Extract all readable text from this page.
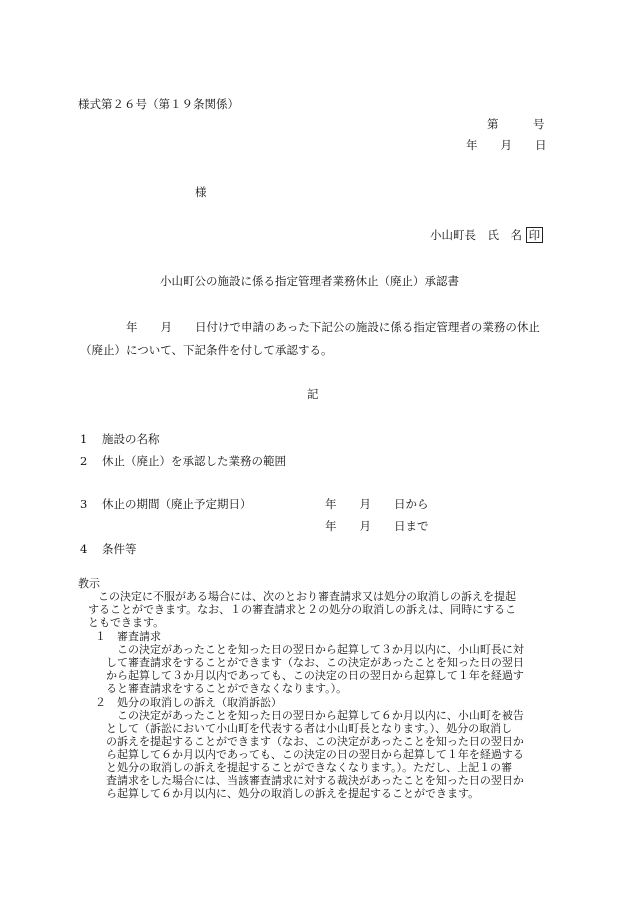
様式第２６号（第１９条関係）
第　　　号
年　　月　　日
様
小山町長　氏　名 印
小山町公の施設に係る指定管理者業務休止（廃止）承認書
年　　月　　日付けで申請のあった下記公の施設に係る指定管理者の業務の休止
（廃止）について、下記条件を付して承認する。
記
1 施設の名称
2 休止（廃止）を承認した業務の範囲
3 休止の期間（廃止予定期日）	年　　月　　日から
年　　月　　日まで
4 条件等
教示
この決定に不服がある場合には、次のとおり審査請求又は処分の取消しの訴えを提起
することができます。なお、１の審査請求と２の処分の取消しの訴えは、同時にするこ
ともできます。
１　審査請求
この決定があったことを知った日の翌日から起算して３か月以内に、小山町長に対
して審査請求をすることができます（なお、この決定があったことを知った日の翌日
から起算して３か月以内であっても、この決定の日の翌日から起算して１年を経過す
ると審査請求をすることができなくなります。）。
２　処分の取消しの訴え（取消訴訟）
この決定があったことを知った日の翌日から起算して６か月以内に、小山町を被告
として（訴訟において小山町を代表する者は小山町長となります。）、処分の取消し
の訴えを提起することができます（なお、この決定があったことを知った日の翌日か
ら起算して６か月以内であっても、この決定の日の翌日から起算して１年を経過する
と処分の取消しの訴えを提起することができなくなります。）。ただし、上記１の審
査請求をした場合には、当該審査請求に対する裁決があったことを知った日の翌日か
ら起算して６か月以内に、処分の取消しの訴えを提起することができます。
